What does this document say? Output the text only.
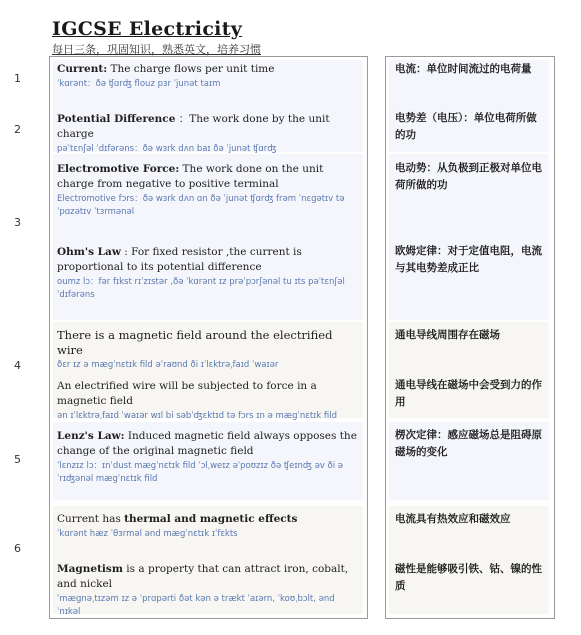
IGCSE Electricity
每日三条，巩固知识，熟悉英文，培养习惯
1
2
3
4
5
6
Current: The charge flows per unit time
ˈkɑrənt：ðə ʧɑrʤ flouz pɜr ˈjunət taɪm
Potential Difference ：The work done by the unit charge
pəˈtɛnʃəl ˈdɪfərəns：ðə wɜrk dʌn baɪ ðə ˈjunət ʧɑrʤ
Electromotive Force: The work done on the unit charge from negative to positive terminal
Electromotive fɔrs：ðə wɜrk dʌn ɑn ðə ˈjunət ʧɑrʤ frəm ˈnɛgətɪv tə ˈpɑzətɪv ˈtɜrmənəl
Ohm's Law : For fixed resistor ,the current is proportional to its potential difference
oumz lɔ：fər fɪkst rɪˈzɪstər ,ðə ˈkɑrənt ɪz prəˈpɔrʃənəl tu ɪts pəˈtɛnʃəl ˈdɪfərəns
There is a magnetic field around the electrified wire
ðɛr ɪz ə mægˈnɛtɪk fild əˈraʊnd ði ɪˈlɛktrəˌfaɪd ˈwaɪər
An electrified wire will be subjected to force in a magnetic field
ən ɪˈlɛktrəˌfaɪd ˈwaɪər wɪl bi səbˈʤɛktɪd tə fɔrs ɪn ə mægˈnɛtɪk fild
Lenz's Law: Induced magnetic field always opposes the change of the original magnetic field
ˈlɛnzɪz lɔ：ɪnˈdust mægˈnɛtɪk fild ˈɔlˌweɪz əˈpoʊzɪz ðə ʧeɪnʤ əv ði əˈrɪʤənəl mægˈnɛtɪk fild
Current has thermal and magnetic effects
ˈkɑrənt hæz ˈθɜrməl ənd mægˈnɛtɪk ɪˈfɛkts
Magnetism is a property that can attract iron, cobalt, and nickel
ˈmægnəˌtɪzəm ɪz ə ˈprɑpərti ðət kən ə trækt ˈaɪərn, ˈkoʊˌbɔlt, ənd ˈnɪkəl
电流：单位时间流过的电荷量
电势差（电压）：单位电荷所做的功
电动势：从负极到正极对单位电荷所做的功
欧姆定律：对于定值电阻，电流与其电势差成正比
通电导线周围存在磁场
通电导线在磁场中会受到力的作用
楞次定律：感应磁场总是阻碍原磁场的变化
电流具有热效应和磁效应
磁性是能够吸引铁、钴、镍的性质
